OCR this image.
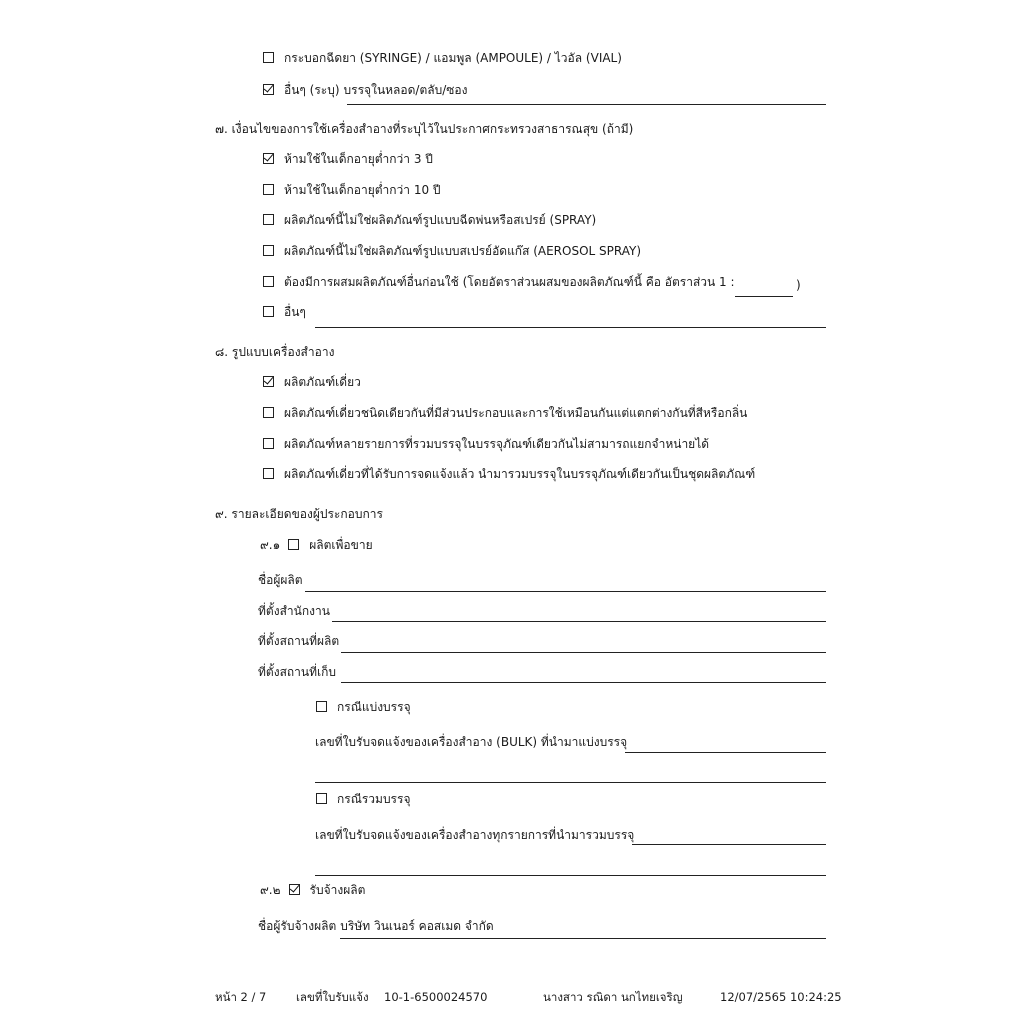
กระบอกฉีดยา (SYRINGE) / แอมพูล (AMPOULE) / ไวอัล (VIAL)
อื่นๆ (ระบุ) บรรจุในหลอด/ตลับ/ซอง
๗. เงื่อนไขของการใช้เครื่องสำอางที่ระบุไว้ในประกาศกระทรวงสาธารณสุข (ถ้ามี)
ห้ามใช้ในเด็กอายุต่ำกว่า 3 ปี
ห้ามใช้ในเด็กอายุต่ำกว่า 10 ปี
ผลิตภัณฑ์นี้ไม่ใช่ผลิตภัณฑ์รูปแบบฉีดพ่นหรือสเปรย์ (SPRAY)
ผลิตภัณฑ์นี้ไม่ใช่ผลิตภัณฑ์รูปแบบสเปรย์อัดแก๊ส (AEROSOL SPRAY)
ต้องมีการผสมผลิตภัณฑ์อื่นก่อนใช้ (โดยอัตราส่วนผสมของผลิตภัณฑ์นี้ คือ อัตราส่วน 1 :	)
อื่นๆ
๘. รูปแบบเครื่องสำอาง
ผลิตภัณฑ์เดี่ยว
ผลิตภัณฑ์เดี่ยวชนิดเดียวกันที่มีส่วนประกอบและการใช้เหมือนกันแต่แตกต่างกันที่สีหรือกลิ่น
ผลิตภัณฑ์หลายรายการที่รวมบรรจุในบรรจุภัณฑ์เดียวกันไม่สามารถแยกจำหน่ายได้
ผลิตภัณฑ์เดี่ยวที่ได้รับการจดแจ้งแล้ว นำมารวมบรรจุในบรรจุภัณฑ์เดียวกันเป็นชุดผลิตภัณฑ์
๙. รายละเอียดของผู้ประกอบการ
๙.๑ ผลิตเพื่อขาย
ชื่อผู้ผลิต
ที่ตั้งสำนักงาน
ที่ตั้งสถานที่ผลิต
ที่ตั้งสถานที่เก็บ
กรณีแบ่งบรรจุ
เลขที่ใบรับจดแจ้งของเครื่องสำอาง (BULK) ที่นำมาแบ่งบรรจุ
กรณีรวมบรรจุ
เลขที่ใบรับจดแจ้งของเครื่องสำอางทุกรายการที่นำมารวมบรรจุ
๙.๒ รับจ้างผลิต
ชื่อผู้รับจ้างผลิต บริษัท วินเนอร์ คอสเมด จำกัด
หน้า 2 / 7	เลขที่ใบรับแจ้ง 10-1-6500024570	นางสาว รณิดา นกไทยเจริญ	12/07/2565 10:24:25
